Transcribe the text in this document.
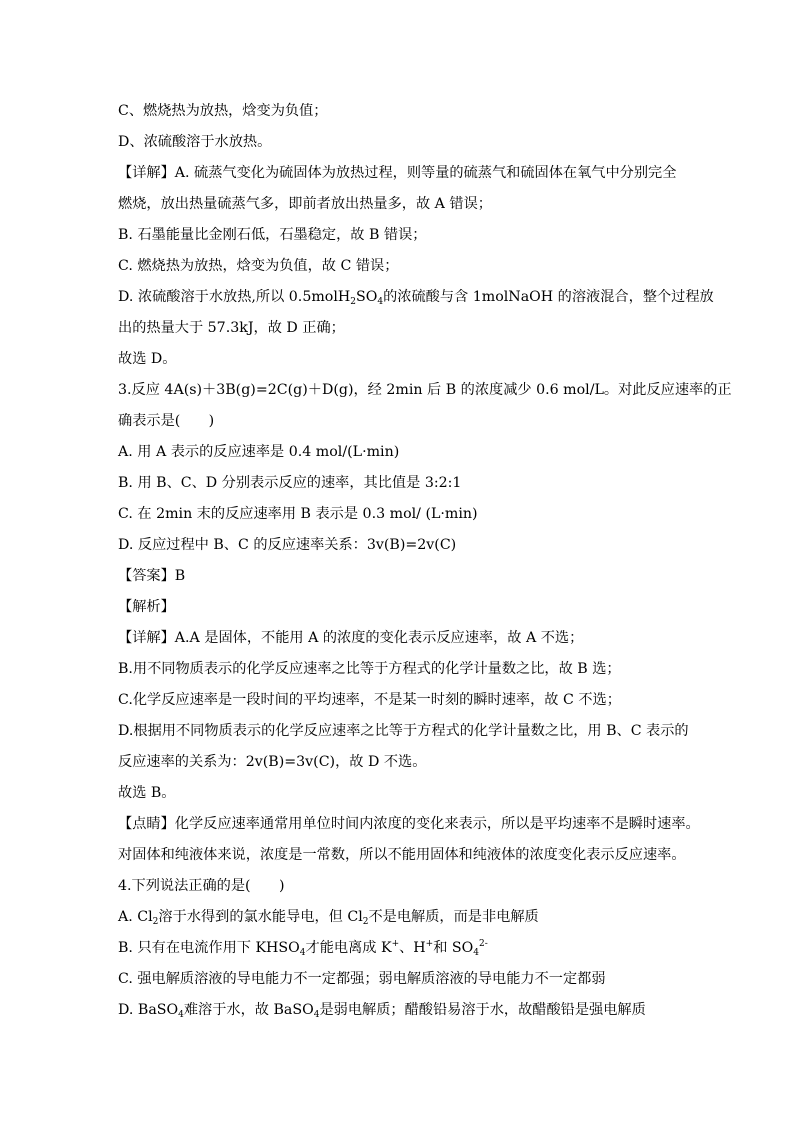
C、燃烧热为放热，焓变为负值；
D、浓硫酸溶于水放热。
【详解】A. 硫蒸气变化为硫固体为放热过程，则等量的硫蒸气和硫固体在氧气中分别完全
燃烧，放出热量硫蒸气多，即前者放出热量多，故 A 错误；
B. 石墨能量比金刚石低，石墨稳定，故 B 错误；
C. 燃烧热为放热，焓变为负值，故 C 错误；
D. 浓硫酸溶于水放热,所以 $0.5molH_2SO_4$的浓硫酸与含 1molNaOH 的溶液混合，整个过程放
出的热量大于 57.3kJ，故 D 正确；
故选 D。
3.反应 4A(s)＋3B(g)=2C(g)＋D(g)，经 2min 后 B 的浓度减少 0.6 mol/L。对此反应速率的正
确表示是(　　)
A. 用 A 表示的反应速率是 0.4 mol/(L·min)
B. 用 B、C、D 分别表示反应的速率，其比值是 3:2:1
C. 在 2min 末的反应速率用 B 表示是 0.3 mol/ (L·min)
D. 反应过程中 B、C 的反应速率关系：3v(B)=2v(C)
【答案】B
【解析】
【详解】A.A 是固体，不能用 A 的浓度的变化表示反应速率，故 A 不选；
B.用不同物质表示的化学反应速率之比等于方程式的化学计量数之比，故 B 选；
C.化学反应速率是一段时间的平均速率，不是某一时刻的瞬时速率，故 C 不选；
D.根据用不同物质表示的化学反应速率之比等于方程式的化学计量数之比，用 B、C 表示的
反应速率的关系为：2v(B)=3v(C)，故 D 不选。
故选 B。
【点睛】化学反应速率通常用单位时间内浓度的变化来表示，所以是平均速率不是瞬时速率。
对固体和纯液体来说，浓度是一常数，所以不能用固体和纯液体的浓度变化表示反应速率。
4.下列说法正确的是(　　)
A. $Cl_2$溶于水得到的氯水能导电，但 $Cl_2$不是电解质，而是非电解质
B. 只有在电流作用下 $KHSO_4$才能电离成 K+、H+和 $SO_4^{2-}$
C. 强电解质溶液的导电能力不一定都强；弱电解质溶液的导电能力不一定都弱
D. BaSO$_4$难溶于水，故 BaSO$_4$是弱电解质；醋酸铅易溶于水，故醋酸铅是强电解质
